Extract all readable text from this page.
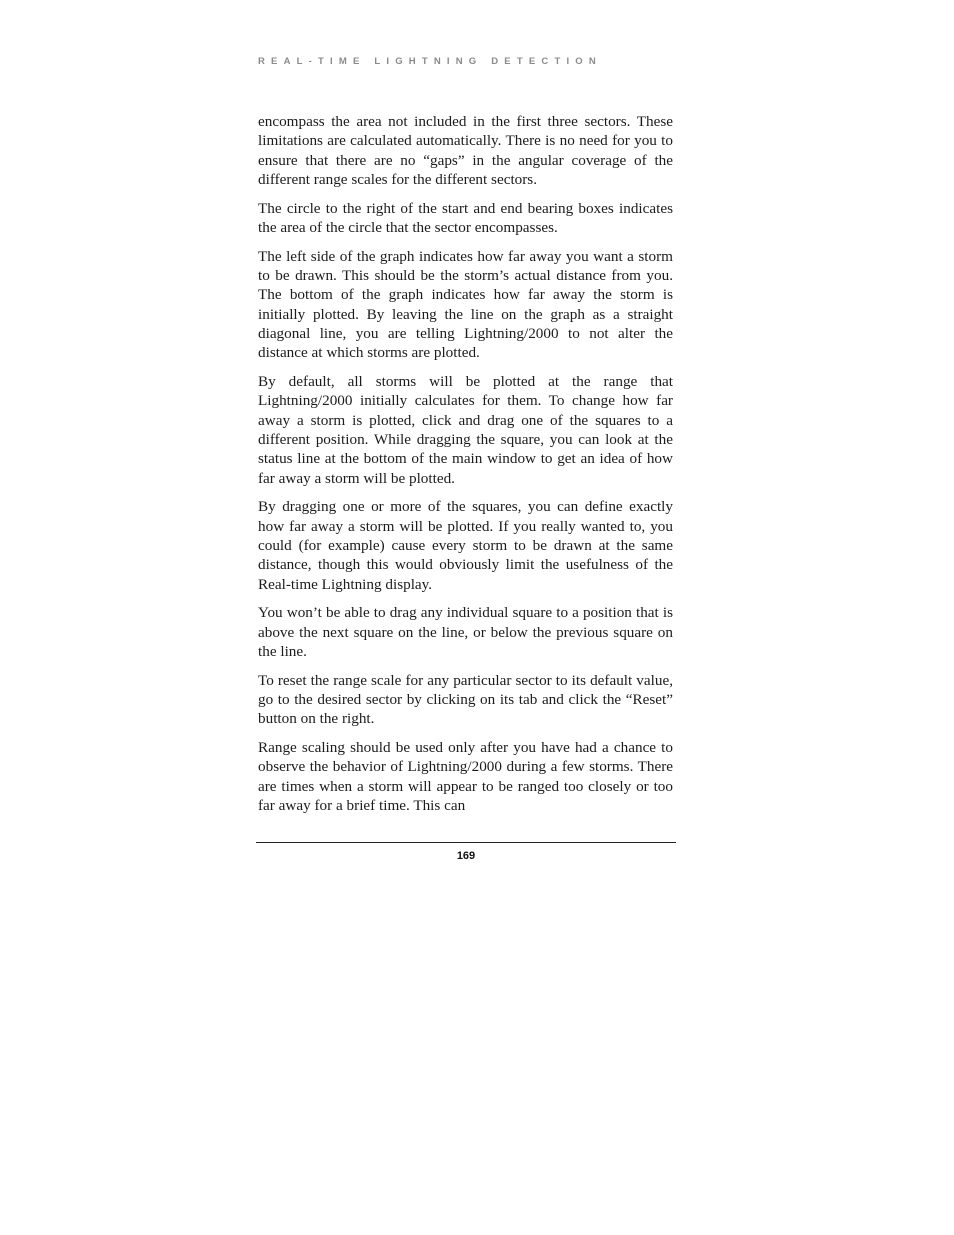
REAL-TIME LIGHTNING DETECTION

encompass the area not included in the first three sectors. These limitations are calculated automatically. There is no need for you to ensure that there are no “gaps” in the angular coverage of the different range scales for the different sectors.

The circle to the right of the start and end bearing boxes indicates the area of the circle that the sector encompasses.

The left side of the graph indicates how far away you want a storm to be drawn. This should be the storm’s actual distance from you. The bottom of the graph indicates how far away the storm is initially plotted. By leaving the line on the graph as a straight diagonal line, you are telling Lightning/2000 to not alter the distance at which storms are plotted.

By default, all storms will be plotted at the range that Lightning/2000 initially calculates for them. To change how far away a storm is plotted, click and drag one of the squares to a different position. While dragging the square, you can look at the status line at the bottom of the main window to get an idea of how far away a storm will be plotted.

By dragging one or more of the squares, you can define exactly how far away a storm will be plotted. If you really wanted to, you could (for example) cause every storm to be drawn at the same distance, though this would obviously limit the usefulness of the Real-time Lightning display.

You won’t be able to drag any individual square to a position that is above the next square on the line, or below the previous square on the line.

To reset the range scale for any particular sector to its default value, go to the desired sector by clicking on its tab and click the “Reset” button on the right.

Range scaling should be used only after you have had a chance to observe the behavior of Lightning/2000 during a few storms. There are times when a storm will appear to be ranged too closely or too far away for a brief time. This can

169
